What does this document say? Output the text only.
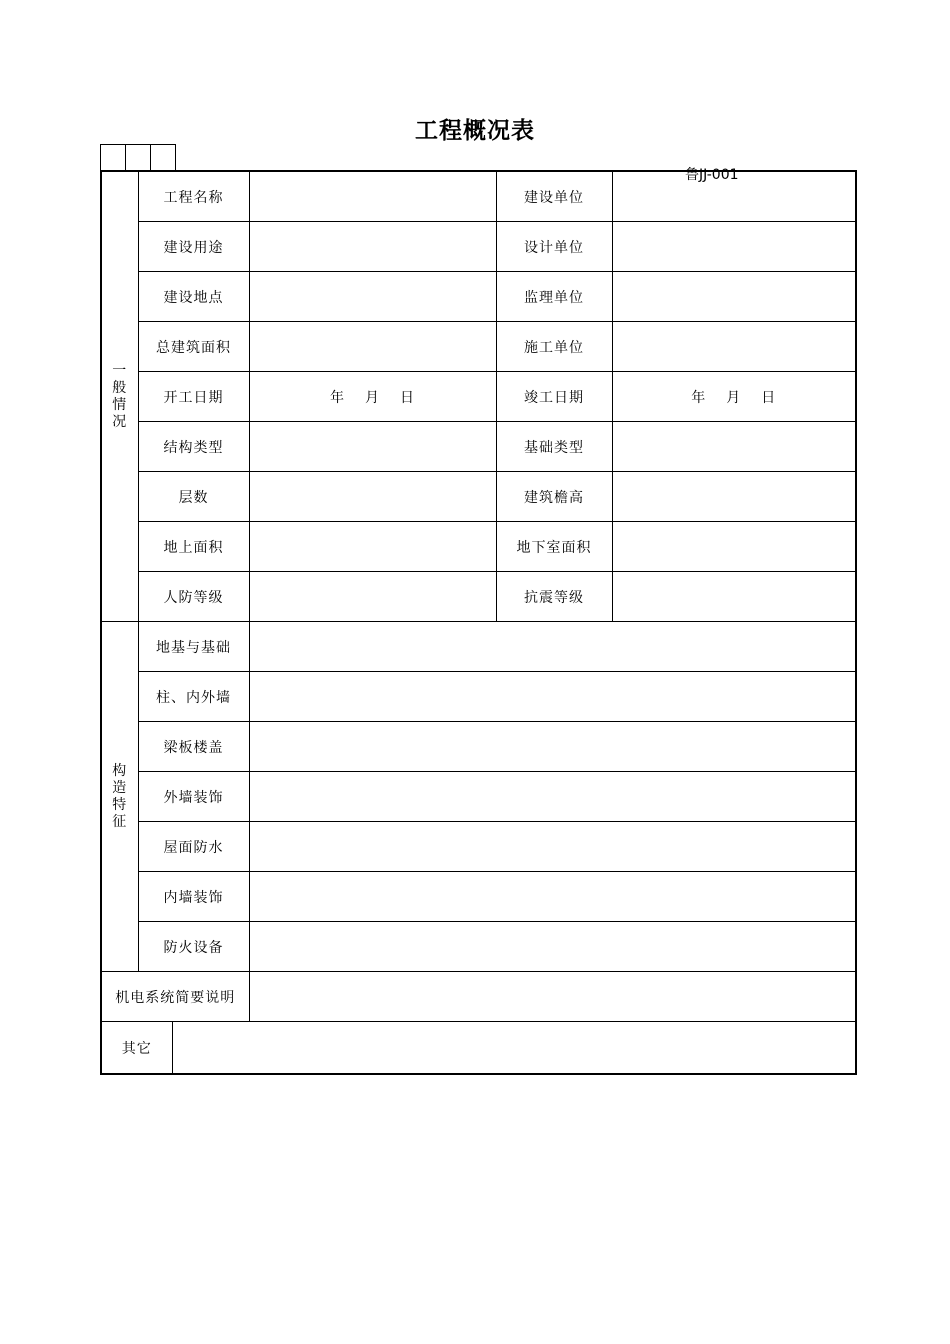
工程概况表
鲁JJ-001
一
般
情
况	工程名称			建设单位	
	建设用途			设计单位	
	建设地点			监理单位	
	总建筑面积			施工单位	
	开工日期		年 月 日	竣工日期	年 月 日
	结构类型			基础类型	
	层数			建筑檐高	
	地上面积			地下室面积	
	人防等级			抗震等级	
构
造
特
征	地基与基础				
	柱、内外墙				
	梁板楼盖				
	外墙装饰				
	屋面防水				
	内墙装饰				
	防火设备				
机电系统简要说明					
其它					
